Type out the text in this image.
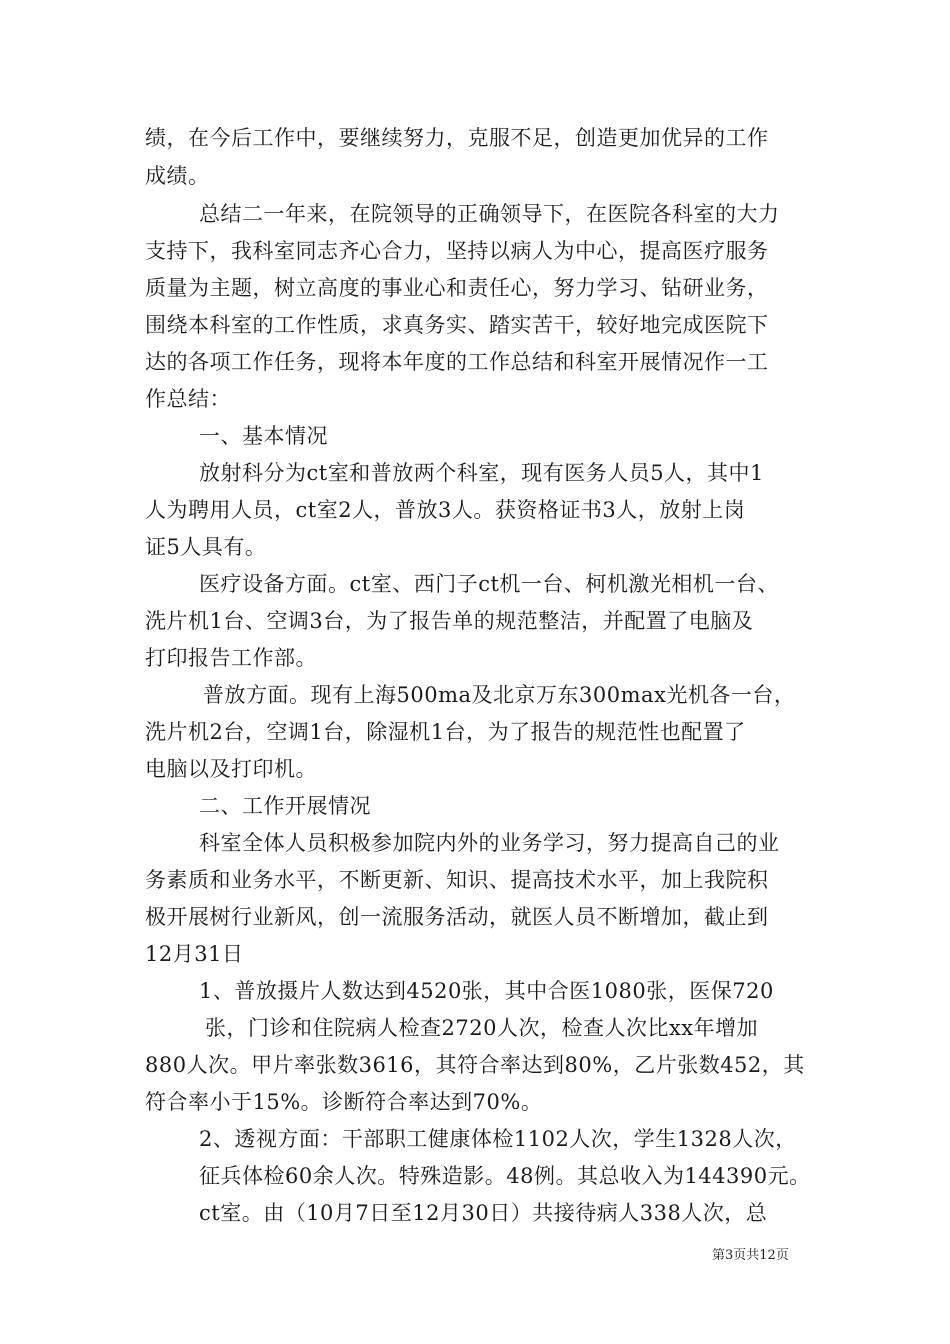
绩，在今后工作中，要继续努力，克服不足，创造更加优异的工作
成绩。
总结二一年来，在院领导的正确领导下，在医院各科室的大力
支持下，我科室同志齐心合力，坚持以病人为中心，提高医疗服务
质量为主题，树立高度的事业心和责任心，努力学习、钻研业务，
围绕本科室的工作性质，求真务实、踏实苦干，较好地完成医院下
达的各项工作任务，现将本年度的工作总结和科室开展情况作一工
作总结：
一、基本情况
放射科分为ct室和普放两个科室，现有医务人员5人，其中1
人为聘用人员，ct室2人，普放3人。获资格证书3人，放射上岗
证5人具有。
医疗设备方面。ct室、西门子ct机一台、柯机激光相机一台、
洗片机1台、空调3台，为了报告单的规范整洁，并配置了电脑及
打印报告工作部。
普放方面。现有上海500ma及北京万东300max光机各一台，
洗片机2台，空调1台，除湿机1台，为了报告的规范性也配置了
电脑以及打印机。
二、工作开展情况
科室全体人员积极参加院内外的业务学习，努力提高自己的业
务素质和业务水平，不断更新、知识、提高技术水平，加上我院积
极开展树行业新风，创一流服务活动，就医人员不断增加，截止到
12月31日
1、普放摄片人数达到4520张，其中合医1080张，医保720
张，门诊和住院病人检查2720人次，检查人次比xx年增加
880人次。甲片率张数3616，其符合率达到80%，乙片张数452，其
符合率小于15%。诊断符合率达到70%。
2、透视方面：干部职工健康体检1102人次，学生1328人次，
征兵体检60余人次。特殊造影。48例。其总收入为144390元。
ct室。由（10月7日至12月30日）共接待病人338人次，总
第3页共12页
